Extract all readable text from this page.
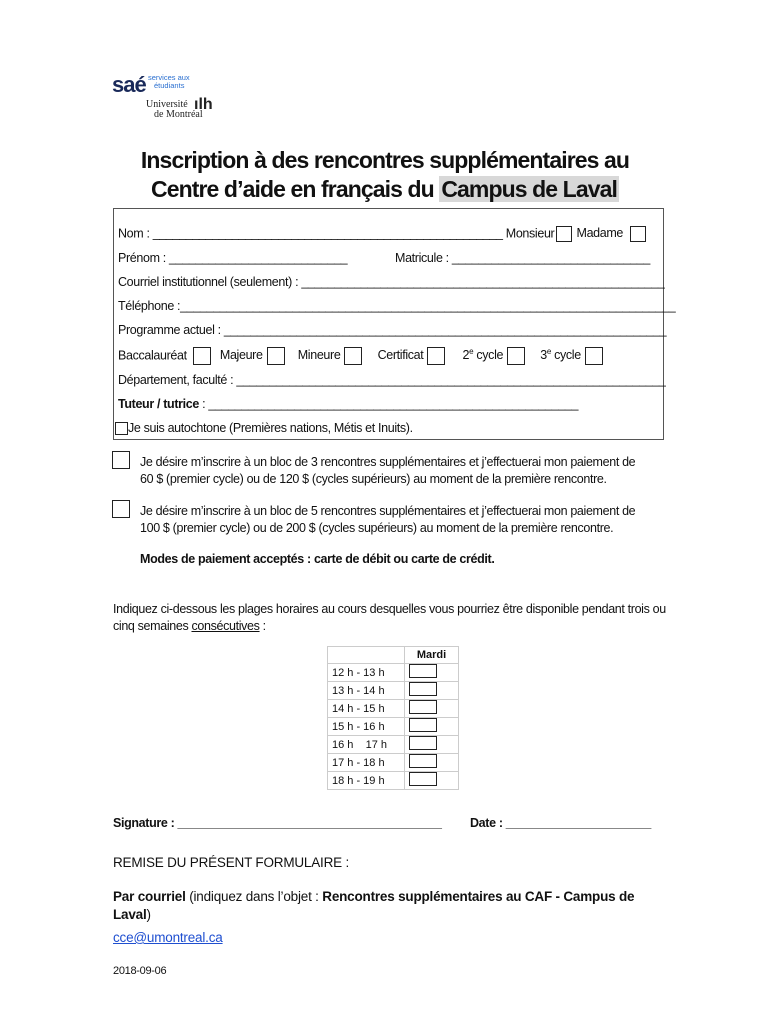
saé services aux
étudiants
Université
de Montréal
ılh
Inscription à des rencontres supplémentaires au
Centre d’aide en français du Campus de Laval
Nom : _____________________________________________________ Monsieur Madame
Prénom : ___________________________	Matricule : ______________________________
Courriel institutionnel (seulement) : _______________________________________________________
Téléphone :___________________________________________________________________________
Programme actuel : ___________________________________________________________________
Baccalauréat	Majeure	Mineure	Certificat	2e cycle	3e cycle
Département, faculté : _________________________________________________________________
Tuteur / tutrice : ________________________________________________________
Je suis autochtone (Premières nations, Métis et Inuits).
Je désire m’inscrire à un bloc de 3 rencontres supplémentaires et j’effectuerai mon paiement de
60 $ (premier cycle) ou de 120 $ (cycles supérieurs) au moment de la première rencontre.
Je désire m’inscrire à un bloc de 5 rencontres supplémentaires et j’effectuerai mon paiement de
100 $ (premier cycle) ou de 200 $ (cycles supérieurs) au moment de la première rencontre.
Modes de paiement acceptés : carte de débit ou carte de crédit.
Indiquez ci-dessous les plages horaires au cours desquelles vous pourriez être disponible pendant trois ou
cinq semaines consécutives :
	Mardi
12 h - 13 h	
13 h - 14 h	
14 h - 15 h	
15 h - 16 h	
16 h    17 h	
17 h - 18 h	
18 h - 19 h	
Signature : ________________________________________ Date : ______________________
REMISE DU PRÉSENT FORMULAIRE :
Par courriel (indiquez dans l’objet : Rencontres supplémentaires au CAF - Campus de Laval)
cce@umontreal.ca
2018-09-06
